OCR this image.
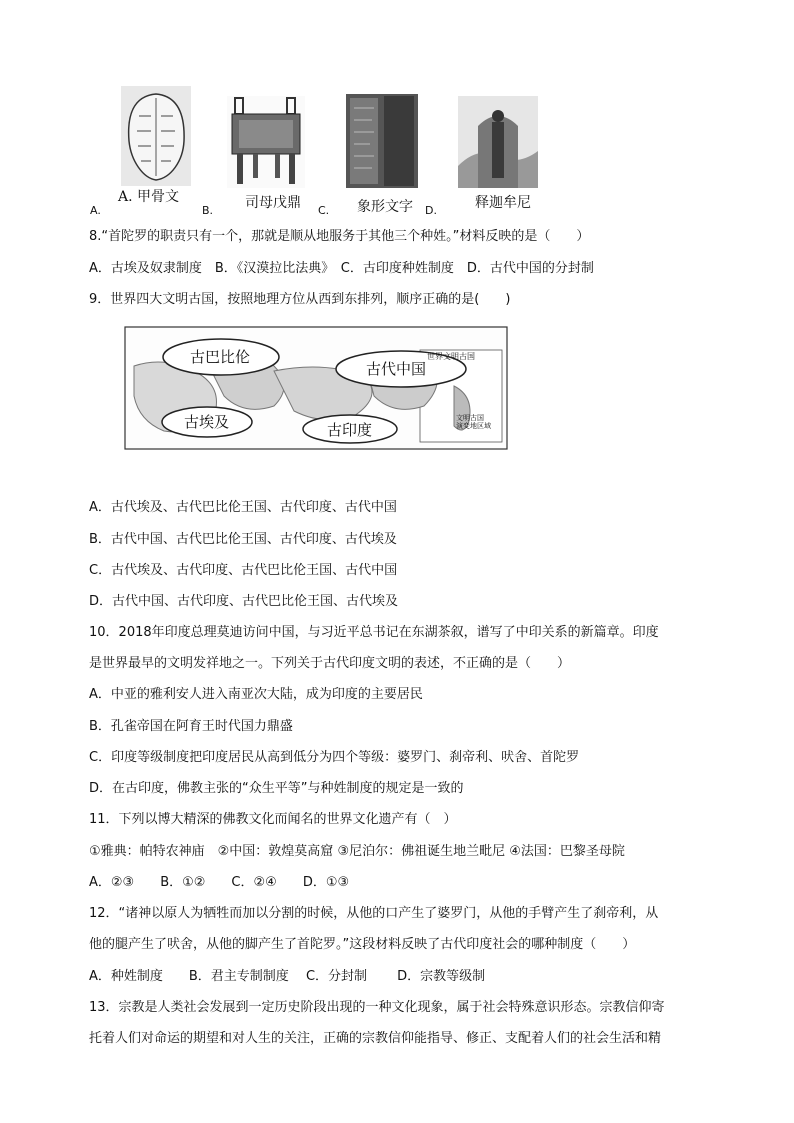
A. 甲骨文
A.	司母戊鼎
B.	象形文字
C.	释迦牟尼
D.
8.“首陀罗的职责只有一个，那就是顺从地服务于其他三个种姓。”材料反映的是（　　）
A．古埃及奴隶制度　B．《汉漠拉比法典》　C．古印度种姓制度　D．古代中国的分封制
9．世界四大文明古国，按照地理方位从西到东排列，顺序正确的是(　　)
古巴比伦
古代中国
古埃及	古印度
世界文明古国
文明古国
演变地区域
A．古代埃及、古代巴比伦王国、古代印度、古代中国
B．古代中国、古代巴比伦王国、古代印度、古代埃及
C．古代埃及、古代印度、古代巴比伦王国、古代中国
D．古代中国、古代印度、古代巴比伦王国、古代埃及
10．2018年印度总理莫迪访问中国，与习近平总书记在东湖茶叙，谱写了中印关系的新篇章。印度
是世界最早的文明发祥地之一。下列关于古代印度文明的表述，不正确的是（　　）
A．中亚的雅利安人进入南亚次大陆，成为印度的主要居民
B．孔雀帝国在阿育王时代国力鼎盛
C．印度等级制度把印度居民从高到低分为四个等级：婆罗门、刹帝利、吠舍、首陀罗
D．在古印度，佛教主张的“众生平等”与种姓制度的规定是一致的
11．下列以博大精深的佛教文化而闻名的世界文化遗产有（　）
①雅典：帕特农神庙　②中国：敦煌莫高窟 ③尼泊尔：佛祖诞生地兰毗尼 ④法国：巴黎圣母院
A．②③　　B．①②　　C．②④　　D．①③
12．“诸神以原人为牺牲而加以分割的时候，从他的口产生了婆罗门，从他的手臂产生了刹帝利，从
他的腿产生了吠舍，从他的脚产生了首陀罗。”这段材料反映了古代印度社会的哪种制度（　　）
A．种姓制度　　B．君主专制制度　 C．分封制　　 D．宗教等级制
13．宗教是人类社会发展到一定历史阶段出现的一种文化现象，属于社会特殊意识形态。宗教信仰寄
托着人们对命运的期望和对人生的关注，正确的宗教信仰能指导、修正、支配着人们的社会生活和精
